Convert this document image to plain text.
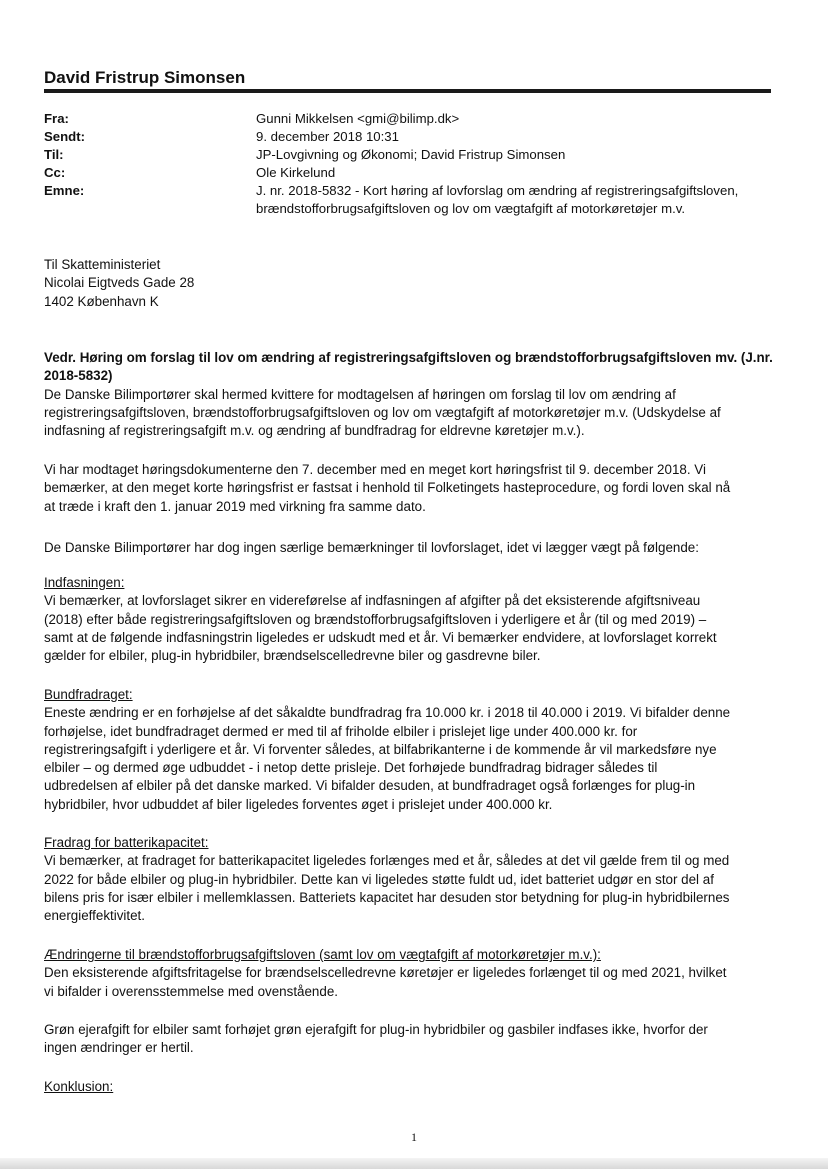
David Fristrup Simonsen
Fra:	Gunni Mikkelsen <gmi@bilimp.dk>
Sendt:	9. december 2018 10:31
Til:	JP-Lovgivning og Økonomi; David Fristrup Simonsen
Cc:	Ole Kirkelund
Emne:	J. nr. 2018-5832 - Kort høring af lovforslag om ændring af registreringsafgiftsloven,
brændstofforbrugsafgiftsloven og lov om vægtafgift af motorkøretøjer m.v.

Til Skatteministeriet

Nicolai Eigtveds Gade 28

1402 København K

Vedr. Høring om forslag til lov om ændring af registreringsafgiftsloven og brændstofforbrugsafgiftsloven mv. (J.nr.

2018-5832)

De Danske Bilimportører skal hermed kvittere for modtagelsen af høringen om forslag til lov om ændring af

registreringsafgiftsloven, brændstofforbrugsafgiftsloven og lov om vægtafgift af motorkøretøjer m.v. (Udskydelse af

indfasning af registreringsafgift m.v. og ændring af bundfradrag for eldrevne køretøjer m.v.).

Vi har modtaget høringsdokumenterne den 7. december med en meget kort høringsfrist til 9. december 2018. Vi

bemærker, at den meget korte høringsfrist er fastsat i henhold til Folketingets hasteprocedure, og fordi loven skal nå

at træde i kraft den 1. januar 2019 med virkning fra samme dato.

De Danske Bilimportører har dog ingen særlige bemærkninger til lovforslaget, idet vi lægger vægt på følgende:

Indfasningen:

Vi bemærker, at lovforslaget sikrer en videreførelse af indfasningen af afgifter på det eksisterende afgiftsniveau

(2018) efter både registreringsafgiftsloven og brændstofforbrugsafgiftsloven i yderligere et år (til og med 2019) –

samt at de følgende indfasningstrin ligeledes er udskudt med et år. Vi bemærker endvidere, at lovforslaget korrekt

gælder for elbiler, plug-in hybridbiler, brændselscelledrevne biler og gasdrevne biler.

Bundfradraget:

Eneste ændring er en forhøjelse af det såkaldte bundfradrag fra 10.000 kr. i 2018 til 40.000 i 2019. Vi bifalder denne

forhøjelse, idet bundfradraget dermed er med til af friholde elbiler i prislejet lige under 400.000 kr. for

registreringsafgift i yderligere et år. Vi forventer således, at bilfabrikanterne i de kommende år vil markedsføre nye

elbiler – og dermed øge udbuddet - i netop dette prisleje. Det forhøjede bundfradrag bidrager således til

udbredelsen af elbiler på det danske marked. Vi bifalder desuden, at bundfradraget også forlænges for plug-in

hybridbiler, hvor udbuddet af biler ligeledes forventes øget i prislejet under 400.000 kr.

Fradrag for batterikapacitet:

Vi bemærker, at fradraget for batterikapacitet ligeledes forlænges med et år, således at det vil gælde frem til og med

2022 for både elbiler og plug-in hybridbiler. Dette kan vi ligeledes støtte fuldt ud, idet batteriet udgør en stor del af

bilens pris for især elbiler i mellemklassen. Batteriets kapacitet har desuden stor betydning for plug-in hybridbilernes

energieffektivitet.

Ændringerne til brændstofforbrugsafgiftsloven (samt lov om vægtafgift af motorkøretøjer m.v.):

Den eksisterende afgiftsfritagelse for brændselscelledrevne køretøjer er ligeledes forlænget til og med 2021, hvilket

vi bifalder i overensstemmelse med ovenstående.

Grøn ejerafgift for elbiler samt forhøjet grøn ejerafgift for plug-in hybridbiler og gasbiler indfases ikke, hvorfor der

ingen ændringer er hertil.

Konklusion:

1
